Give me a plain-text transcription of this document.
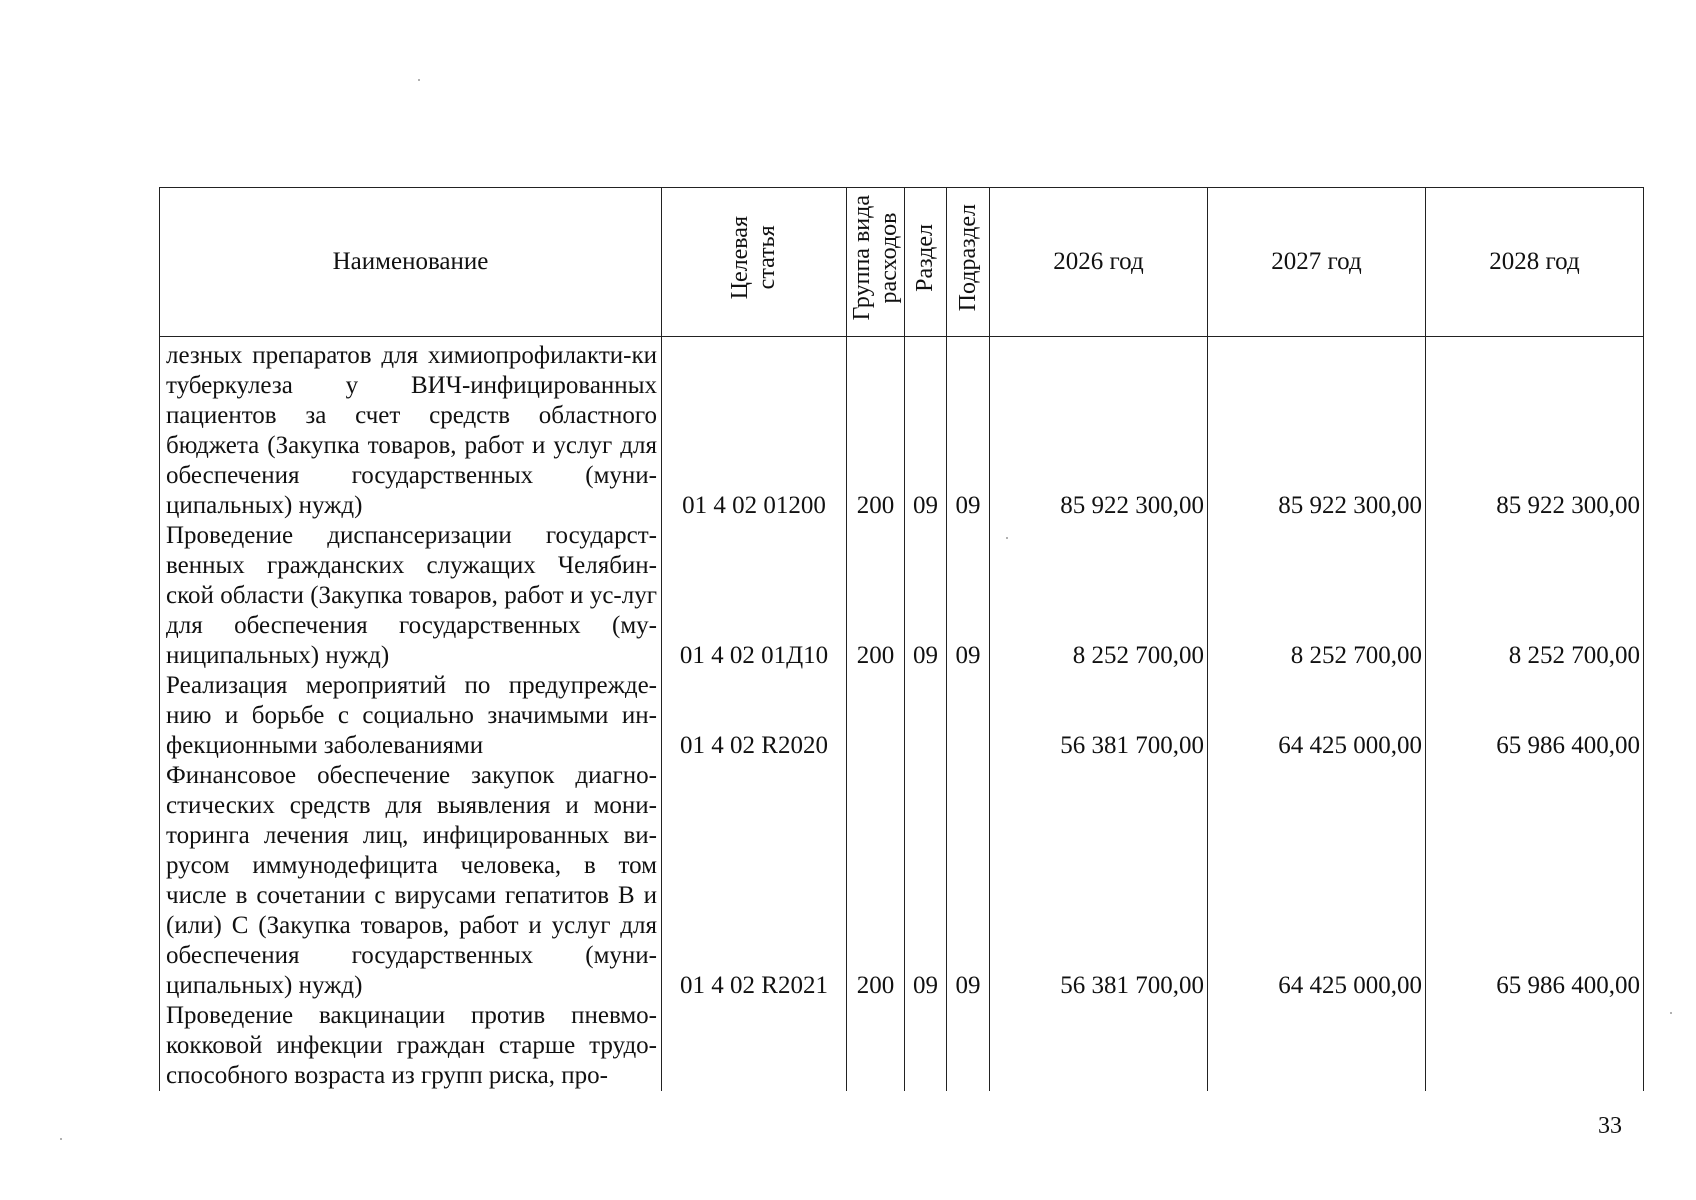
Наименование	Целевая статья	Группа вида расходов	Раздел	Подраздел	2026 год	2027 год	2028 год
лезных препаратов для химиопрофилакти-ки туберкулеза у ВИЧ-инфицированных пациентов за счет средств областного бюджета (Закупка товаров, работ и услуг для обеспечения государственных (муни-ципальных) нужд)	01 4 02 01200	200	09	09	85 922 300,00	85 922 300,00	85 922 300,00
Проведение диспансеризации государст-венных гражданских служащих Челябин-ской области (Закупка товаров, работ и ус-луг для обеспечения государственных (му-ниципальных) нужд)	01 4 02 01Д10	200	09	09	8 252 700,00	8 252 700,00	8 252 700,00
Реализация мероприятий по предупрежде-нию и борьбе с социально значимыми ин-фекционными заболеваниями	01 4 02 R2020				56 381 700,00	64 425 000,00	65 986 400,00
Финансовое обеспечение закупок диагно-стических средств для выявления и мони-торинга лечения лиц, инфицированных ви-русом иммунодефицита человека, в том числе в сочетании с вирусами гепатитов В и (или) С (Закупка товаров, работ и услуг для обеспечения государственных (муни-ципальных) нужд)	01 4 02 R2021	200	09	09	56 381 700,00	64 425 000,00	65 986 400,00
Проведение вакцинации против пневмо-кокковой инфекции граждан старше трудо-способного возраста из групп риска, про-							
33
